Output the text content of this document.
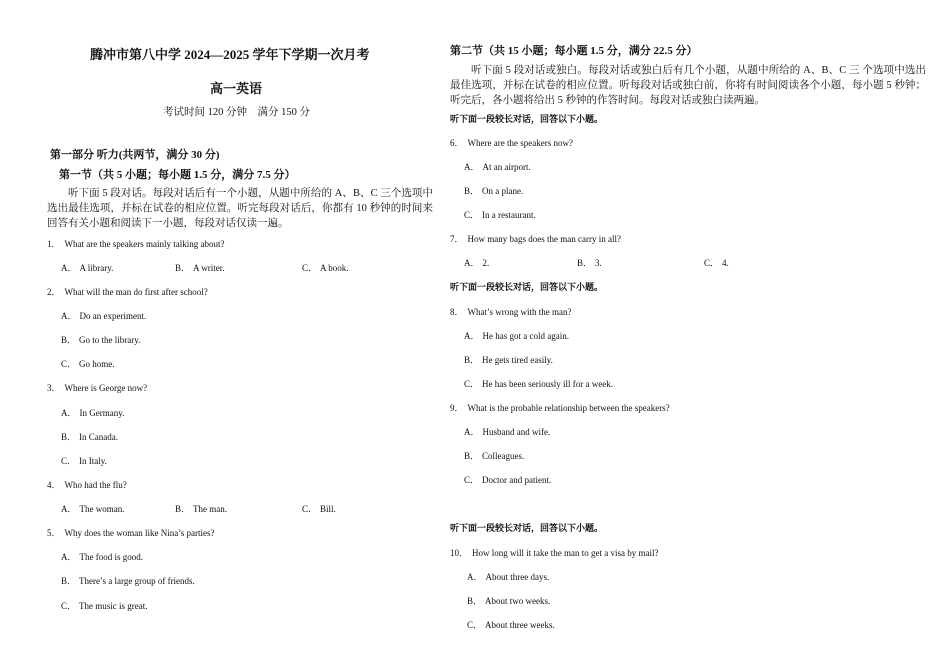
腾冲市第八中学 2024—2025 学年下学期一次月考
高一英语
考试时间 120 分钟    满分 150 分
第一部分 听力(共两节，满分 30 分)
第一节（共 5 小题；每小题 1.5 分，满分 7.5 分）
听下面 5 段对话。每段对话后有一个小题，从题中所给的 A、B、C 三个选项中选出最佳选项，并标在试卷的相应位置。听完每段对话后，你都有 10 秒钟的时间来回答有关小题和阅读下一小题，每段对话仅读一遍。
1． What are the speakers mainly talking about?
A． A library.	B． A writer.	C． A book.
2． What will the man do first after school?
A． Do an experiment.
B． Go to the library.
C． Go home.
3． Where is George now?
A． In Germany.
B． In Canada.
C． In Italy.
4． Who had the flu?
A． The woman.	B． The man.	C． Bill.
5． Why does the woman like Nina’s parties?
A． The food is good.
B． There’s a large group of friends.
C． The music is great.
第二节（共 15 小题；每小题 1.5 分，满分 22.5 分）
听下面 5 段对话或独白。每段对话或独白后有几个小题，从题中所给的 A、B、C 三 个选项中选出最佳选项，并标在试卷的相应位置。听每段对话或独白前，你将有时间阅读各个小题，每小题 5 秒钟；听完后，各小题将给出 5 秒钟的作答时间。每段对话或独白读两遍。
听下面一段较长对话，回答以下小题。
6． Where are the speakers now?
A． At an airport.
B． On a plane.
C． In a restaurant.
7． How many bags does the man carry in all?
A． 2.	B． 3.	C． 4.
听下面一段较长对话，回答以下小题。
8． What’s wrong with the man?
A． He has got a cold again.
B． He gets tired easily.
C． He has been seriously ill for a week.
9． What is the probable relationship between the speakers?
A． Husband and wife.
B． Colleagues.
C． Doctor and patient.
听下面一段较长对话，回答以下小题。
10． How long will it take the man to get a visa by mail?
A． About three days.
B． About two weeks.
C． About three weeks.
